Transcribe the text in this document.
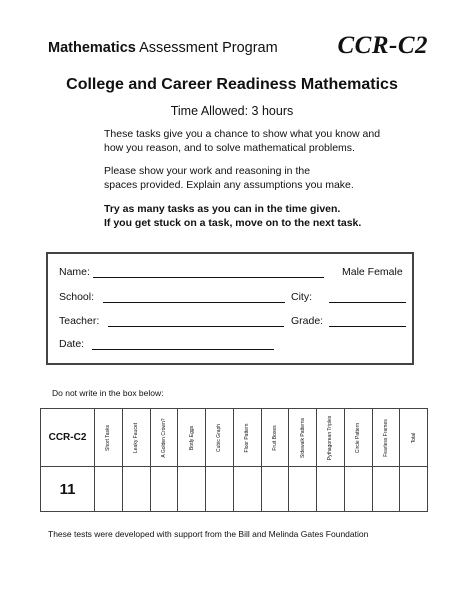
Mathematics Assessment Program CCR-C2
College and Career Readiness Mathematics
Time Allowed: 3 hours
These tasks give you a chance to show what you know and
how you reason, and to solve mathematical problems.
Please show your work and reasoning in the
spaces provided. Explain any assumptions you make.
Try as many tasks as you can in the time given.
If you get stuck on a task, move on to the next task.
Name:	Male Female
School:	City:
Teacher:	Grade:
Date:
Do not write in the box below:
CCR-C2	Short Tasks	Leaky Faucet	A Golden Crown?	Body Eggs	Cubic Graph	Floor Pattern	Fruit Boxes	Sidewalk Patterns	Pythagorean Triples	Circle Pattern	Fearless Frames	Total

11												
These tests were developed with support from the Bill and Melinda Gates Foundation
